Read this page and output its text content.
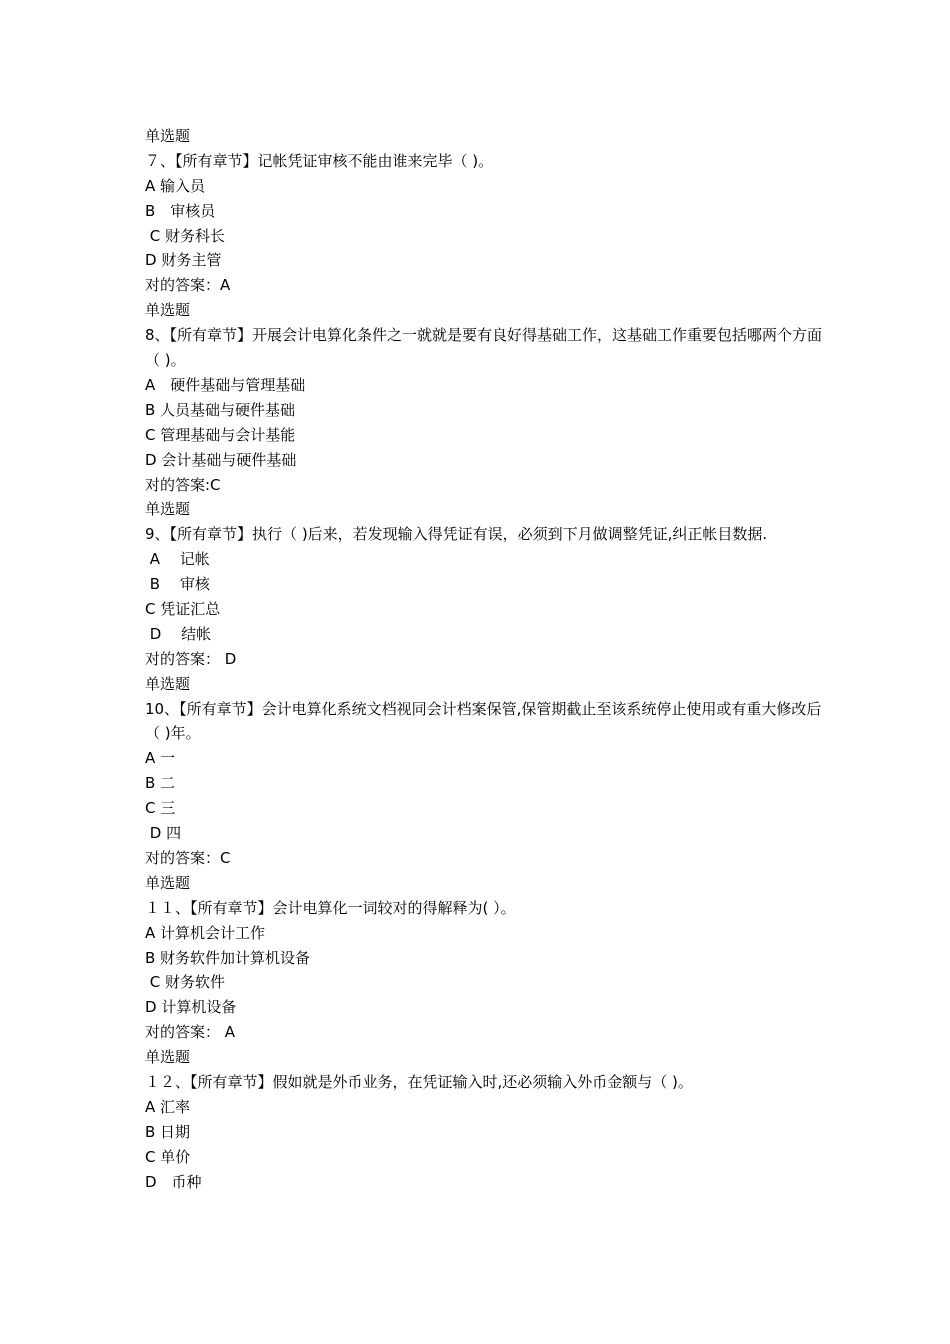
单选题

７、【所有章节】记帐凭证审核不能由谁来完毕（ )。

A 输入员

B　审核员

C 财务科长

D 财务主管

对的答案：A

单选题

8、【所有章节】开展会计电算化条件之一就就是要有良好得基础工作，这基础工作重要包括哪两个方面（ )。

A　硬件基础与管理基础

B 人员基础与硬件基础

C 管理基础与会计基能

D 会计基础与硬件基础

对的答案:C

单选题

9、【所有章节】执行（ )后来，若发现输入得凭证有误，必须到下月做调整凭证,纠正帐目数据.

A　 记帐

B　 审核

C 凭证汇总

D　 结帐

对的答案： D

单选题

10、【所有章节】会计电算化系统文档视同会计档案保管,保管期截止至该系统停止使用或有重大修改后（ )年。

A 一

B 二

C 三

D 四

对的答案：C

单选题

１１、【所有章节】会计电算化一词较对的得解释为( ）。

A 计算机会计工作

B 财务软件加计算机设备

C 财务软件

D 计算机设备

对的答案： A

单选题

１２、【所有章节】假如就是外币业务，在凭证输入时,还必须输入外币金额与（ )。

A 汇率

B 日期

C 单价

D　币种
